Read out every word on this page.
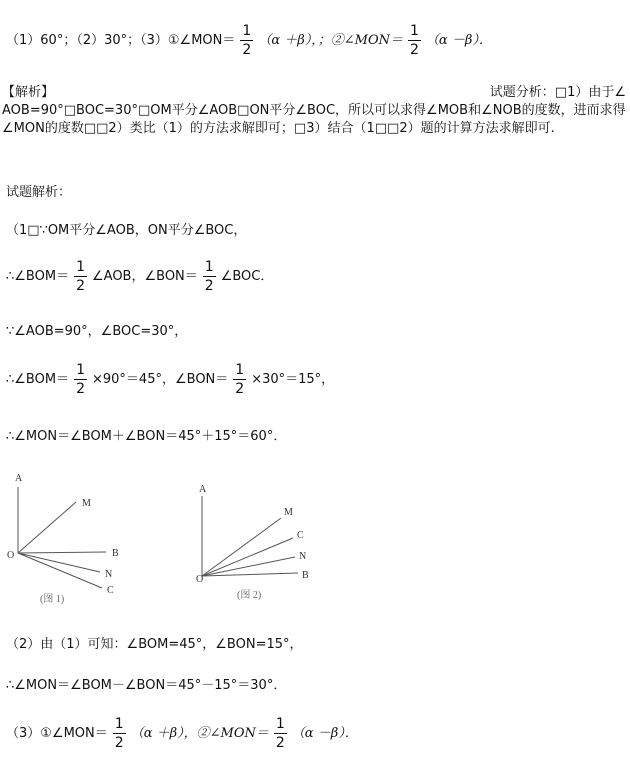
（1）60°；（2）30°；（3）①∠MON＝ $\frac{1}{2} (\alpha +\beta)$，；②∠MON＝ $\frac{1}{2} (\alpha -\beta)$．
【解析】	试题分析：□1）由于∠
AOB=90°□BOC=30°□OM平分∠AOB□ON平分∠BOC，所以可以求得∠MOB和∠NOB的度数，进而求得∠MON的度数□□2）类比（1）的方法求解即可；□3）结合（1□□2）题的计算方法求解即可.
试题解析：
（1□∵OM平分∠AOB，ON平分∠BOC，
∴∠BOM＝ $\frac{1}{2}$ ∠AOB，∠BON＝ $\frac{1}{2}$ ∠BOC．
∵∠AOB=90°，∠BOC=30°，
∴∠BOM＝ $\frac{1}{2} \times 90^\circ=45^\circ$，∠BON＝ $\frac{1}{2} \times 30^\circ=15^\circ$，
∴∠MON＝∠BOM＋∠BON＝45°＋15°＝60°．
A
M
O	B
N
C
(图 1)
A
M
C
N
O	B
(图 2)
（2）由（1）可知：∠BOM=45°，∠BON=15°，
∴∠MON＝∠BOM－∠BON＝45°－15°＝30°．
（3）①∠MON＝ $\frac{1}{2} (\alpha +\beta)$，②∠MON＝ $\frac{1}{2} (\alpha -\beta)$．
